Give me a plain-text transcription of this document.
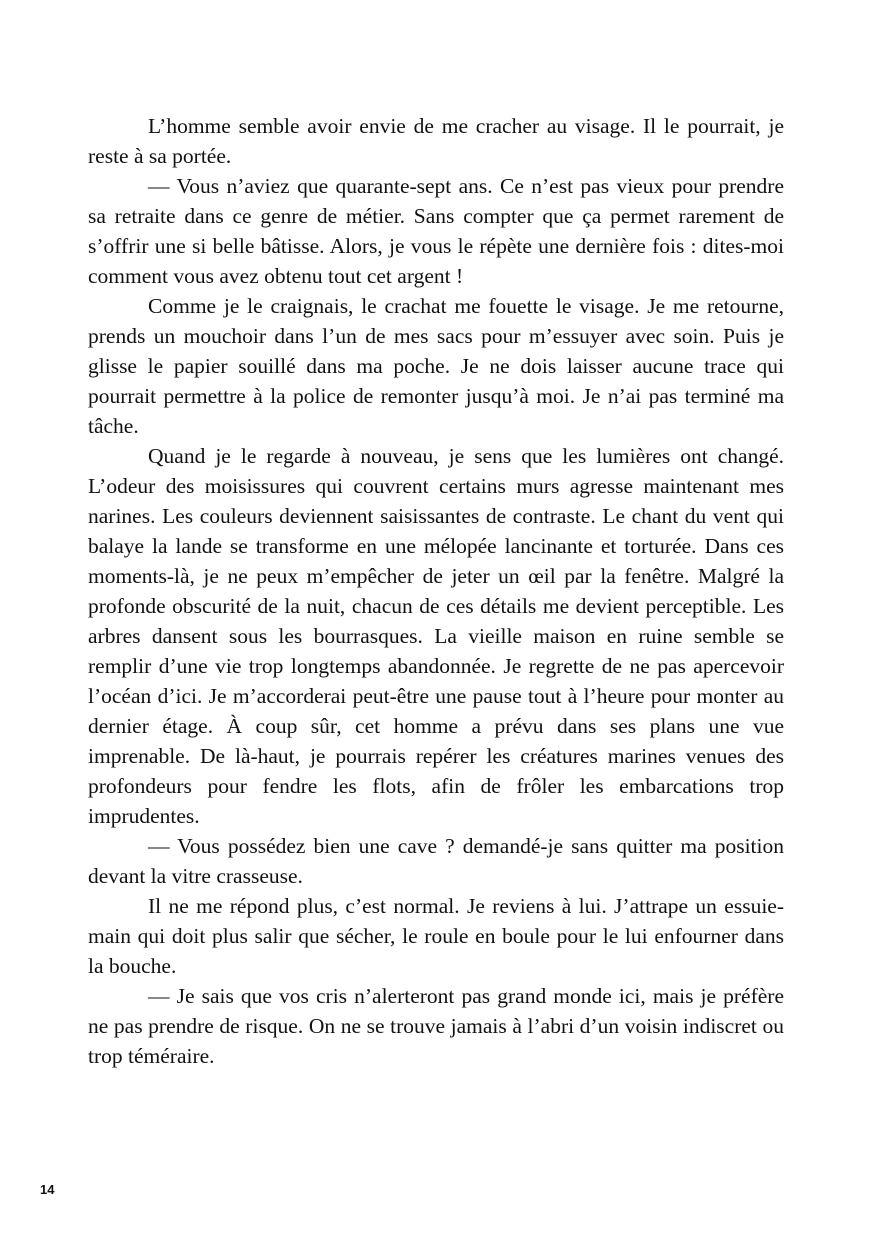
L’homme semble avoir envie de me cracher au visage. Il le pourrait, je reste à sa portée.

— Vous n’aviez que quarante-sept ans. Ce n’est pas vieux pour prendre sa retraite dans ce genre de métier. Sans compter que ça permet rarement de s’offrir une si belle bâtisse. Alors, je vous le répète une dernière fois : dites-moi comment vous avez obtenu tout cet argent !

Comme je le craignais, le crachat me fouette le visage. Je me retourne, prends un mouchoir dans l’un de mes sacs pour m’essuyer avec soin. Puis je glisse le papier souillé dans ma poche. Je ne dois laisser aucune trace qui pourrait permettre à la police de remonter jusqu’à moi. Je n’ai pas terminé ma tâche.

Quand je le regarde à nouveau, je sens que les lumières ont changé. L’odeur des moisissures qui couvrent certains murs agresse maintenant mes narines. Les couleurs deviennent saisissantes de contraste. Le chant du vent qui balaye la lande se transforme en une mélopée lancinante et torturée. Dans ces moments-là, je ne peux m’empêcher de jeter un œil par la fenêtre. Malgré la profonde obscurité de la nuit, chacun de ces détails me devient perceptible. Les arbres dansent sous les bourrasques. La vieille maison en ruine semble se remplir d’une vie trop longtemps abandonnée. Je regrette de ne pas apercevoir l’océan d’ici. Je m’accorderai peut-être une pause tout à l’heure pour monter au dernier étage. À coup sûr, cet homme a prévu dans ses plans une vue imprenable. De là-haut, je pourrais repérer les créatures marines venues des profondeurs pour fendre les flots, afin de frôler les embarcations trop imprudentes.

— Vous possédez bien une cave ? demandé-je sans quitter ma position devant la vitre crasseuse.

Il ne me répond plus, c’est normal. Je reviens à lui. J’attrape un essuie-main qui doit plus salir que sécher, le roule en boule pour le lui enfourner dans la bouche.

— Je sais que vos cris n’alerteront pas grand monde ici, mais je préfère ne pas prendre de risque. On ne se trouve jamais à l’abri d’un voisin indiscret ou trop téméraire.

14
